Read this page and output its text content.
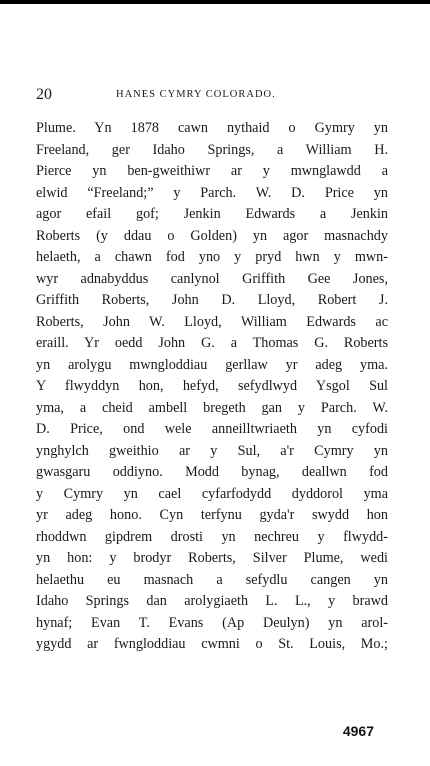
20	HANES CYMRY COLORADO.
Plume. Yn 1878 cawn nythaid o Gymry yn
Freeland, ger Idaho Springs, a William H.
Pierce yn ben-gweithiwr ar y mwnglawdd a
elwid “Freeland;” y Parch. W. D. Price yn
agor efail gof; Jenkin Edwards a Jenkin
Roberts (y ddau o Golden) yn agor masnachdy
helaeth, a chawn fod yno y pryd hwn y mwn-
wyr adnabyddus canlynol Griffith Gee Jones,
Griffith Roberts, John D. Lloyd, Robert J.
Roberts, John W. Lloyd, William Edwards ac
eraill. Yr oedd John G. a Thomas G. Roberts
yn arolygu mwngloddiau gerllaw yr adeg yma.
Y flwyddyn hon, hefyd, sefydlwyd Ysgol Sul
yma, a cheid ambell bregeth gan y Parch. W.
D. Price, ond wele anneilltwriaeth yn cyfodi
ynghylch gweithio ar y Sul, a'r Cymry yn
gwasgaru oddiyno. Modd bynag, deallwn fod
y Cymry yn cael cyfarfodydd dyddorol yma
yr adeg hono. Cyn terfynu gyda'r swydd hon
rhoddwn gipdrem drosti yn nechreu y flwydd-
yn hon: y brodyr Roberts, Silver Plume, wedi
helaethu eu masnach a sefydlu cangen yn
Idaho Springs dan arolygiaeth L. L., y brawd
hynaf; Evan T. Evans (Ap Deulyn) yn arol-
ygydd ar fwngloddiau cwmni o St. Louis, Mo.;
4967
